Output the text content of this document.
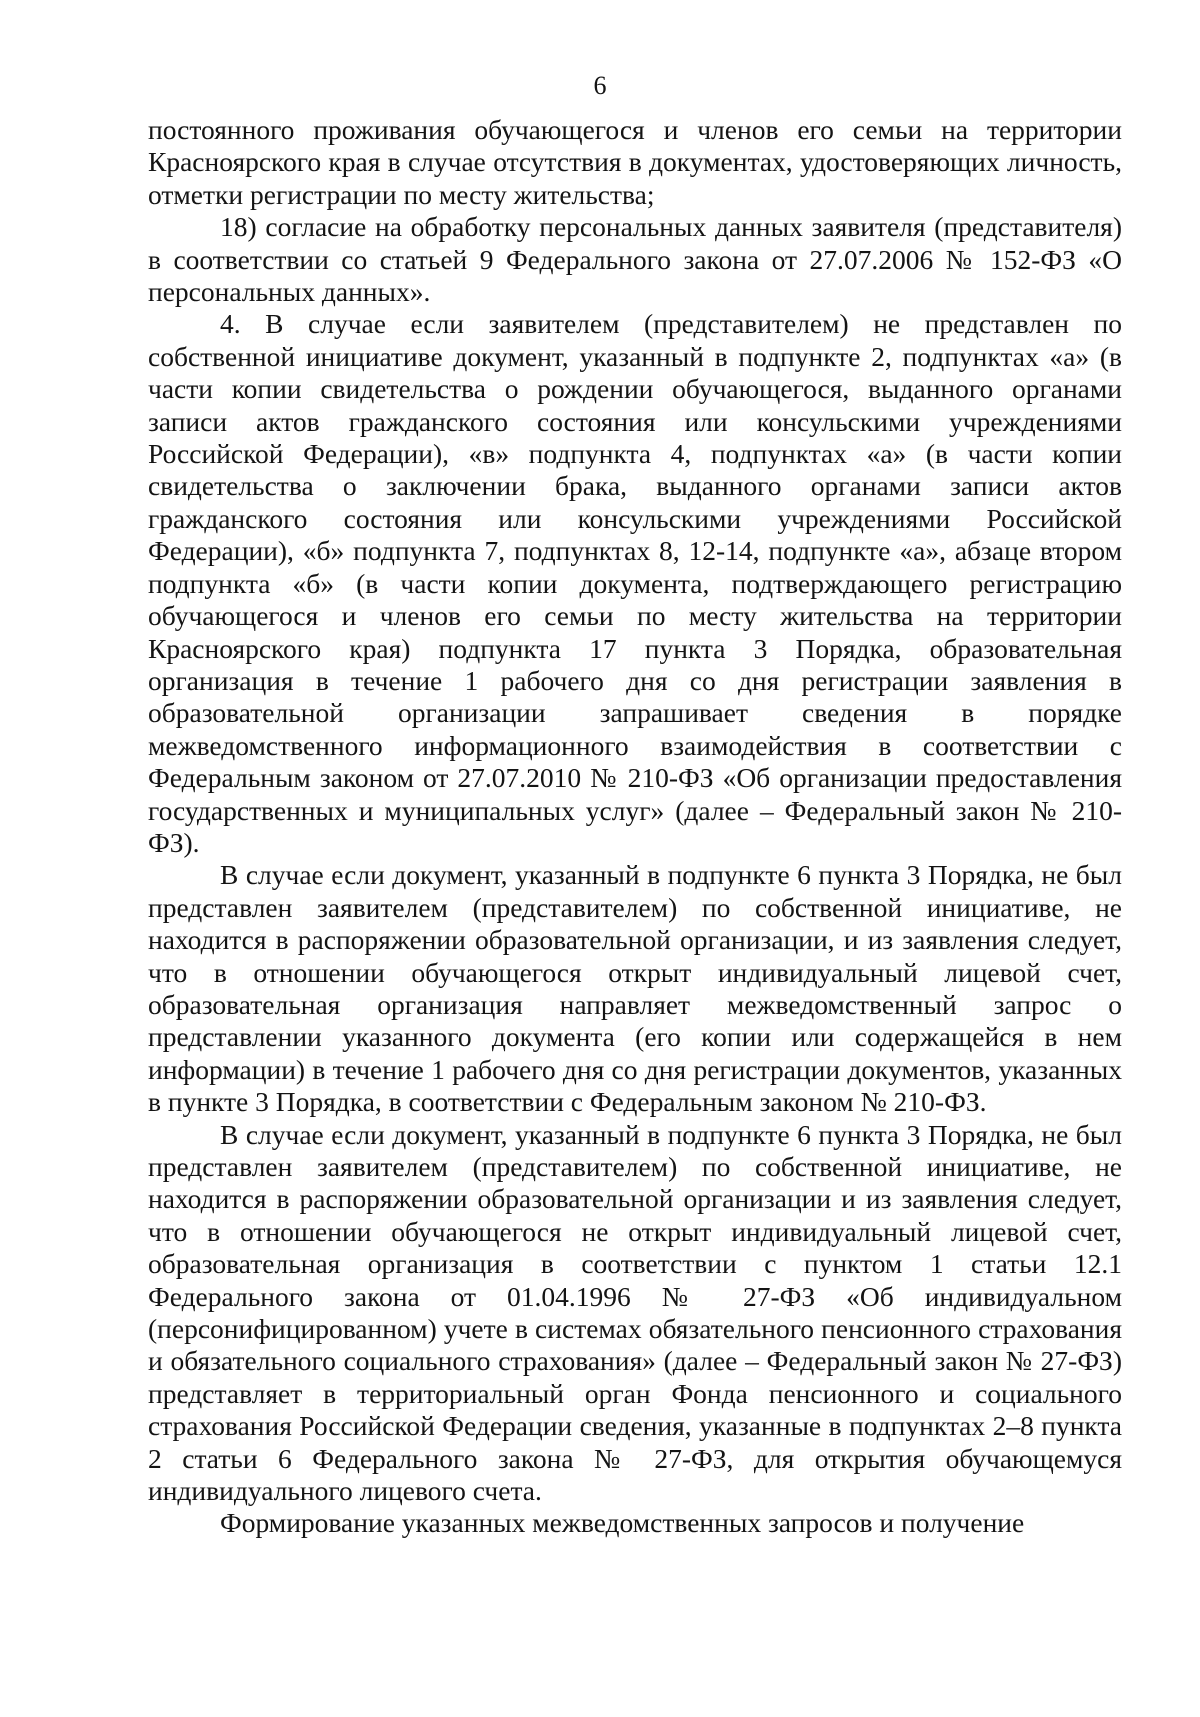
6

постоянного проживания обучающегося и членов его семьи на территории Красноярского края в случае отсутствия в документах, удостоверяющих личность, отметки регистрации по месту жительства;

18) согласие на обработку персональных данных заявителя (представителя) в соответствии со статьей 9 Федерального закона от 27.07.2006 № 152-ФЗ «О персональных данных».

4. В случае если заявителем (представителем) не представлен по собственной инициативе документ, указанный в подпункте 2, подпунктах «а» (в части копии свидетельства о рождении обучающегося, выданного органами записи актов гражданского состояния или консульскими учреждениями Российской Федерации), «в» подпункта 4, подпунктах «а» (в части копии свидетельства о заключении брака, выданного органами записи актов гражданского состояния или консульскими учреждениями Российской Федерации), «б» подпункта 7, подпунктах 8, 12-14, подпункте «а», абзаце втором подпункта «б» (в части копии документа, подтверждающего регистрацию обучающегося и членов его семьи по месту жительства на территории Красноярского края) подпункта 17 пункта 3 Порядка, образовательная организация в течение 1 рабочего дня со дня регистрации заявления в образовательной организации запрашивает сведения в порядке межведомственного информационного взаимодействия в соответствии с Федеральным законом от 27.07.2010 № 210-ФЗ «Об организации предоставления государственных и муниципальных услуг» (далее – Федеральный закон № 210-ФЗ).

В случае если документ, указанный в подпункте 6 пункта 3 Порядка, не был представлен заявителем (представителем) по собственной инициативе, не находится в распоряжении образовательной организации, и из заявления следует, что в отношении обучающегося открыт индивидуальный лицевой счет, образовательная организация направляет межведомственный запрос о представлении указанного документа (его копии или содержащейся в нем информации) в течение 1 рабочего дня со дня регистрации документов, указанных в пункте 3 Порядка, в соответствии с Федеральным законом № 210-ФЗ.

В случае если документ, указанный в подпункте 6 пункта 3 Порядка, не был представлен заявителем (представителем) по собственной инициативе, не находится в распоряжении образовательной организации и из заявления следует, что в отношении обучающегося не открыт индивидуальный лицевой счет, образовательная организация в соответствии с пунктом 1 статьи 12.1 Федерального закона от 01.04.1996 № 27-ФЗ «Об индивидуальном (персонифицированном) учете в системах обязательного пенсионного страхования и обязательного социального страхования» (далее – Федеральный закон № 27-ФЗ) представляет в территориальный орган Фонда пенсионного и социального страхования Российской Федерации сведения, указанные в подпунктах 2–8 пункта 2 статьи 6 Федерального закона № 27-ФЗ, для открытия обучающемуся индивидуального лицевого счета.

Формирование указанных межведомственных запросов и получение
